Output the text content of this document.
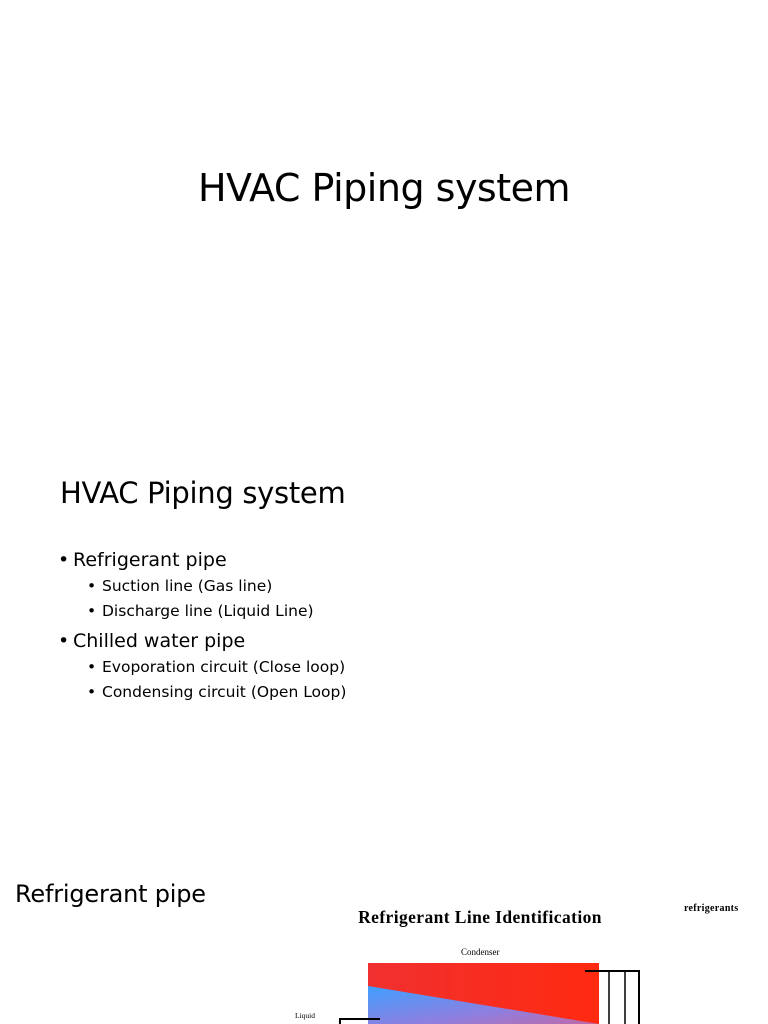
HVAC Piping system
HVAC Piping system
• Refrigerant pipe
• Suction line (Gas line)
• Discharge line (Liquid Line)
• Chilled water pipe
• Evoporation circuit (Close loop)
• Condensing circuit (Open Loop)
Refrigerant pipe
Refrigerant Line Identification	refrigerants
Condenser
Liquid
